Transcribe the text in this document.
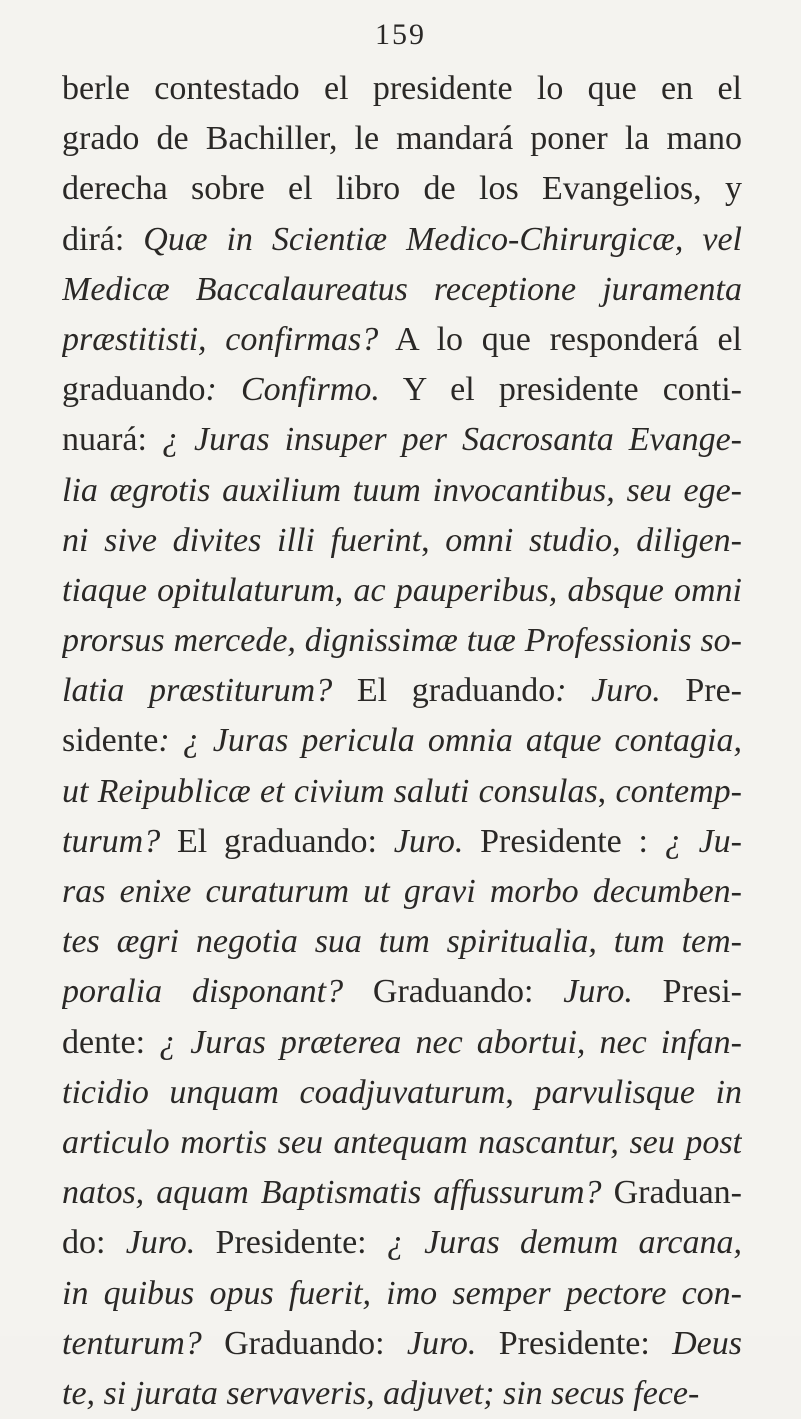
159
berle contestado el presidente lo que en el
grado de Bachiller, le mandará poner la mano
derecha sobre el libro de los Evangelios, y
dirá: Quæ in Scientiæ Medico-Chirurgicæ, vel
Medicæ Baccalaureatus receptione juramenta
præstitisti, confirmas? A lo que responderá el
graduando: Confirmo. Y el presidente conti-
nuará: ¿ Juras insuper per Sacrosanta Evange-
lia ægrotis auxilium tuum invocantibus, seu ege-
ni sive divites illi fuerint, omni studio, diligen-
tiaque opitulaturum, ac pauperibus, absque omni
prorsus mercede, dignissimæ tuæ Professionis so-
latia præstiturum? El graduando: Juro. Pre-
sidente: ¿ Juras pericula omnia atque contagia,
ut Reipublicæ et civium saluti consulas, contemp-
turum? El graduando: Juro. Presidente : ¿ Ju-
ras enixe curaturum ut gravi morbo decumben-
tes ægri negotia sua tum spiritualia, tum tem-
poralia disponant? Graduando: Juro. Presi-
dente: ¿ Juras præterea nec abortui, nec infan-
ticidio unquam coadjuvaturum, parvulisque in
articulo mortis seu antequam nascantur, seu post
natos, aquam Baptismatis affussurum? Graduan-
do: Juro. Presidente: ¿ Juras demum arcana,
in quibus opus fuerit, imo semper pectore con-
tenturum? Graduando: Juro. Presidente: Deus
te, si jurata servaveris, adjuvet; sin secus fece-
